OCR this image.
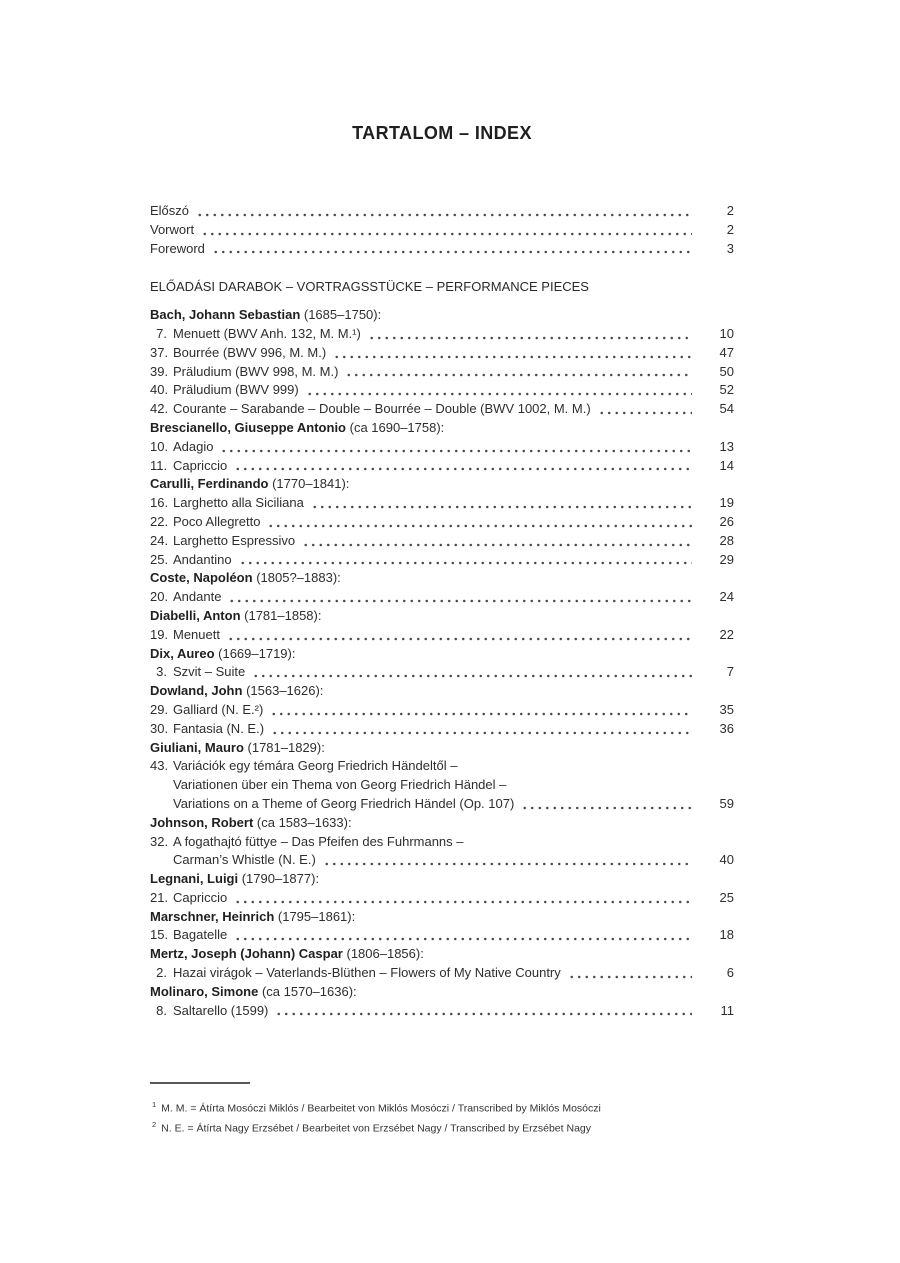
TARTALOM – INDEX
Előszó	2
Vorwort	2
Foreword	3
ELŐADÁSI DARABOK – VORTRAGSSTÜCKE – PERFORMANCE PIECES
Bach, Johann Sebastian (1685–1750):
7. Menuett (BWV Anh. 132, M. M.¹)	10
37. Bourrée (BWV 996, M. M.)	47
39. Präludium (BWV 998, M. M.)	50
40. Präludium (BWV 999)	52
42. Courante – Sarabande – Double – Bourrée – Double (BWV 1002, M. M.)	54
Brescianello, Giuseppe Antonio (ca 1690–1758):
10. Adagio	13
11. Capriccio	14
Carulli, Ferdinando (1770–1841):
16. Larghetto alla Siciliana	19
22. Poco Allegretto	26
24. Larghetto Espressivo	28
25. Andantino	29
Coste, Napoléon (1805?–1883):
20. Andante	24
Diabelli, Anton (1781–1858):
19. Menuett	22
Dix, Aureo (1669–1719):
3. Szvit – Suite	7
Dowland, John (1563–1626):
29. Galliard (N. E.²)	35
30. Fantasia (N. E.)	36
Giuliani, Mauro (1781–1829):
43. Variációk egy témára Georg Friedrich Händeltől –
Variationen über ein Thema von Georg Friedrich Händel –
Variations on a Theme of Georg Friedrich Händel (Op. 107)	59
Johnson, Robert (ca 1583–1633):
32. A fogathajtó füttye – Das Pfeifen des Fuhrmanns –
Carman’s Whistle (N. E.)	40
Legnani, Luigi (1790–1877):
21. Capriccio	25
Marschner, Heinrich (1795–1861):
15. Bagatelle	18
Mertz, Joseph (Johann) Caspar (1806–1856):
2. Hazai virágok – Vaterlands-Blüthen – Flowers of My Native Country	6
Molinaro, Simone (ca 1570–1636):
8. Saltarello (1599)	11
1 M. M. = Átírta Mosóczi Miklós / Bearbeitet von Miklós Mosóczi / Transcribed by Miklós Mosóczi
2 N. E. = Átírta Nagy Erzsébet / Bearbeitet von Erzsébet Nagy / Transcribed by Erzsébet Nagy
